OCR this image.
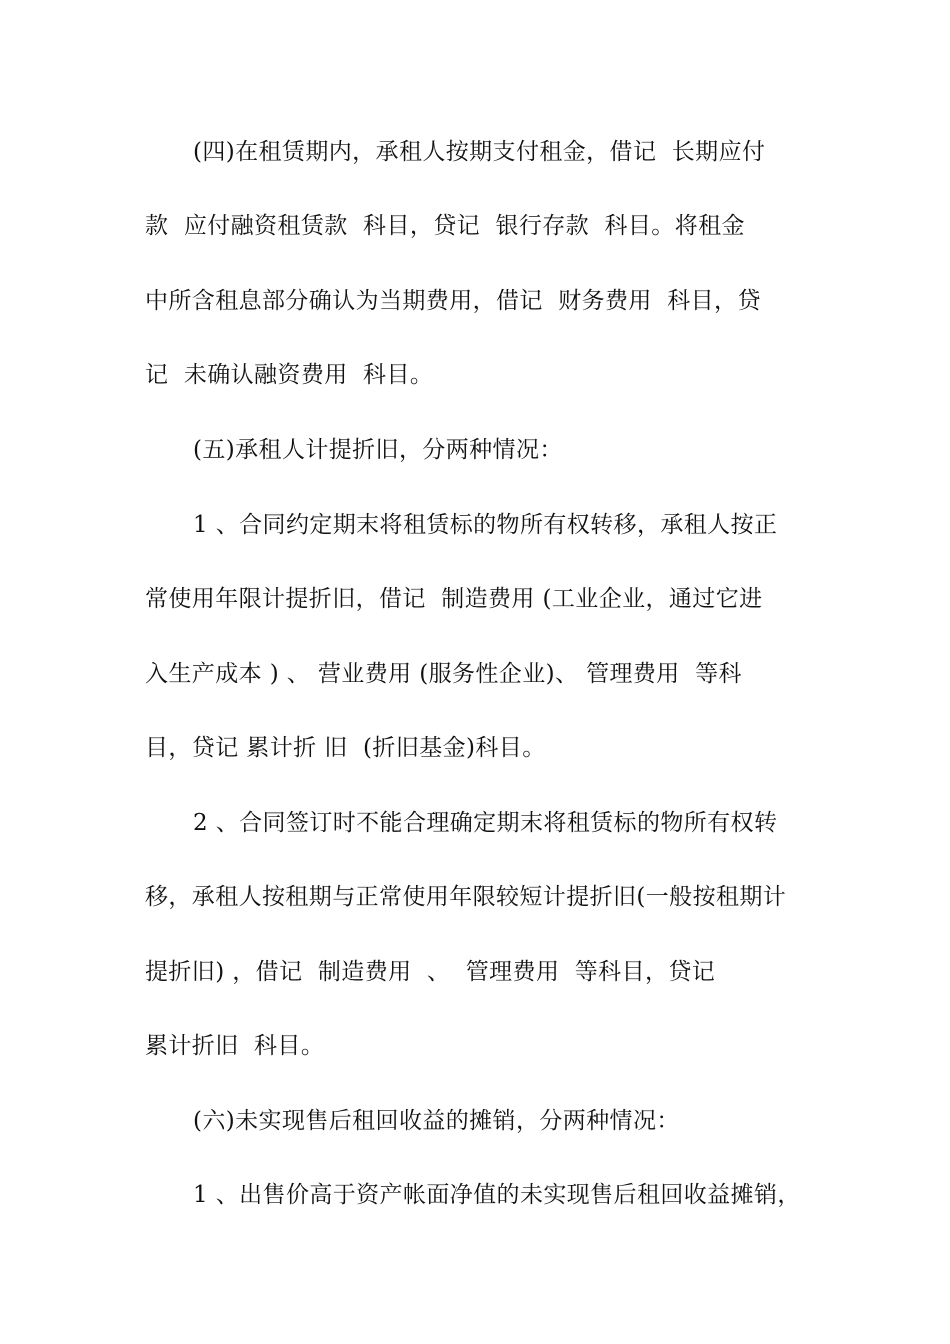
(四)在租赁期内，承租人按期支付租金，借记  长期应付
款  应付融资租赁款  科目，贷记  银行存款  科目。将租金
中所含租息部分确认为当期费用，借记  财务费用  科目，贷
记  未确认融资费用  科目。
(五)承租人计提折旧，分两种情况：
1 、合同约定期末将租赁标的物所有权转移，承租人按正
常使用年限计提折旧，借记  制造费用 (工业企业，通过它进
入生产成本 ) 、 营业费用 (服务性企业)、 管理费用  等科
目，贷记 累计折 旧  (折旧基金)科目。
2 、合同签订时不能合理确定期末将租赁标的物所有权转
移，承租人按租期与正常使用年限较短计提折旧(一般按租期计
提折旧) ，借记  制造费用  、  管理费用  等科目，贷记
累计折旧  科目。
(六)未实现售后租回收益的摊销，分两种情况：
1 、出售价高于资产帐面净值的未实现售后租回收益摊销，
